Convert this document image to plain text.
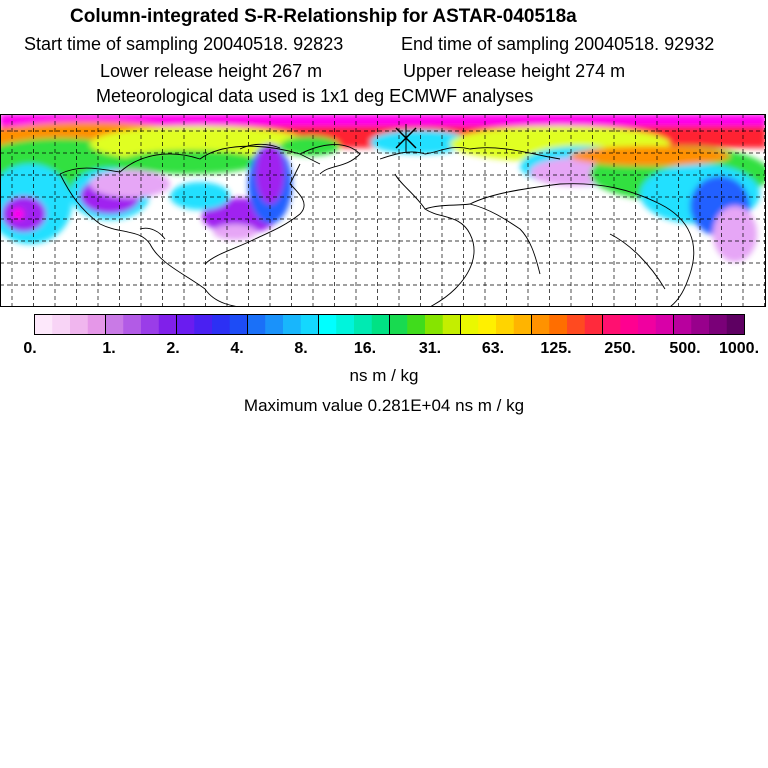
Column-integrated S-R-Relationship for ASTAR-040518a
Start time of sampling 20040518. 92823	End time of sampling 20040518. 92932
Lower release height 267 m	Upper release height 274 m
Meteorological data used is 1x1 deg ECMWF analyses
0.	1.	2.	4.	8.	16.	31.	63. 125. 250. 500. 1000.
ns m / kg
Maximum value 0.281E+04 ns m / kg
